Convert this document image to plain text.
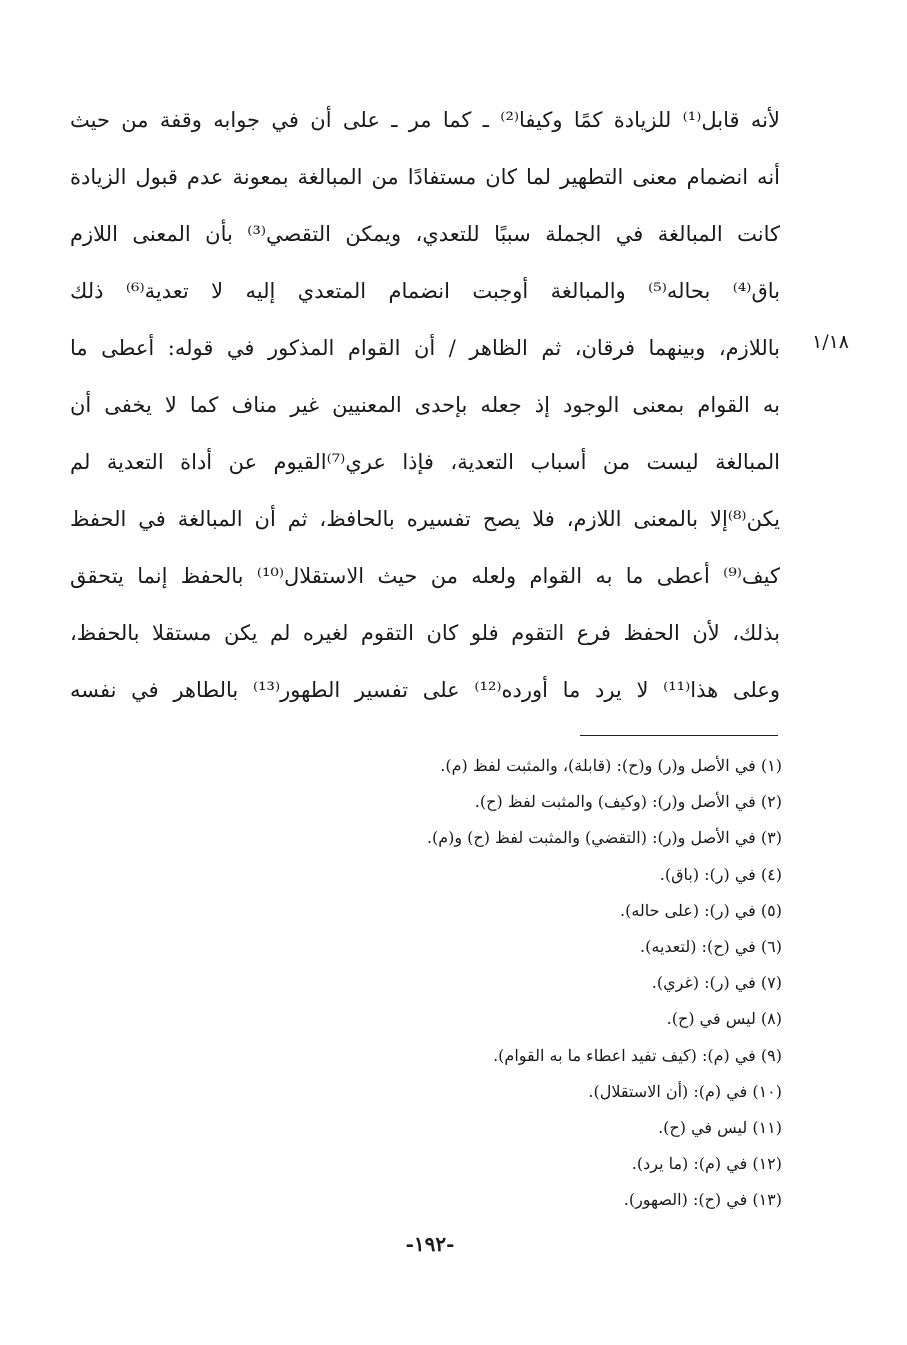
١/١٨
لأنه قابل⁽¹⁾ للزيادة كمًا وكيفا⁽²⁾ ـ كما مر ـ على أن في جوابه وقفة من حيث
أنه انضمام معنى التطهير لما كان مستفادًا من المبالغة بمعونة عدم قبول الزيادة
كانت المبالغة في الجملة سببًا للتعدي، ويمكن التقصي⁽³⁾ بأن المعنى اللازم
باق⁽⁴⁾ بحاله⁽⁵⁾ والمبالغة أوجبت انضمام المتعدي إليه لا تعدية⁽⁶⁾ ذلك
باللازم، وبينهما فرقان، ثم الظاهر / أن القوام المذكور في قوله: أعطى ما
به القوام بمعنى الوجود إذ جعله بإحدى المعنيين غير مناف كما لا يخفى أن
المبالغة ليست من أسباب التعدية، فإذا عري⁽⁷⁾القيوم عن أداة التعدية لم
يكن⁽⁸⁾إلا بالمعنى اللازم، فلا يصح تفسيره بالحافظ، ثم أن المبالغة في الحفظ
كيف⁽⁹⁾ أعطى ما به القوام ولعله من حيث الاستقلال⁽¹⁰⁾ بالحفظ إنما يتحقق
بذلك، لأن الحفظ فرع التقوم فلو كان التقوم لغيره لم يكن مستقلا بالحفظ،
وعلى هذا⁽¹¹⁾ لا يرد ما أورده⁽¹²⁾ على تفسير الطهور⁽¹³⁾ بالطاهر في نفسه
(١) في الأصل و(ر) و(ح): (قابلة)، والمثبت لفظ (م).
(٢) في الأصل و(ر): (وكيف) والمثبت لفظ (ح).
(٣) في الأصل و(ر): (التقضي) والمثبت لفظ (ح) و(م).
(٤) في (ر): (باق).
(٥) في (ر): (على حاله).
(٦) في (ح): (لتعديه).
(٧) في (ر): (غري).
(٨) ليس في (ح).
(٩) في (م): (كيف تفيد اعطاء ما به القوام).
(١٠) في (م): (أن الاستقلال).
(١١) ليس في (ح).
(١٢) في (م): (ما يرد).
(١٣) في (ح): (الصهور).
-١٩٢-
